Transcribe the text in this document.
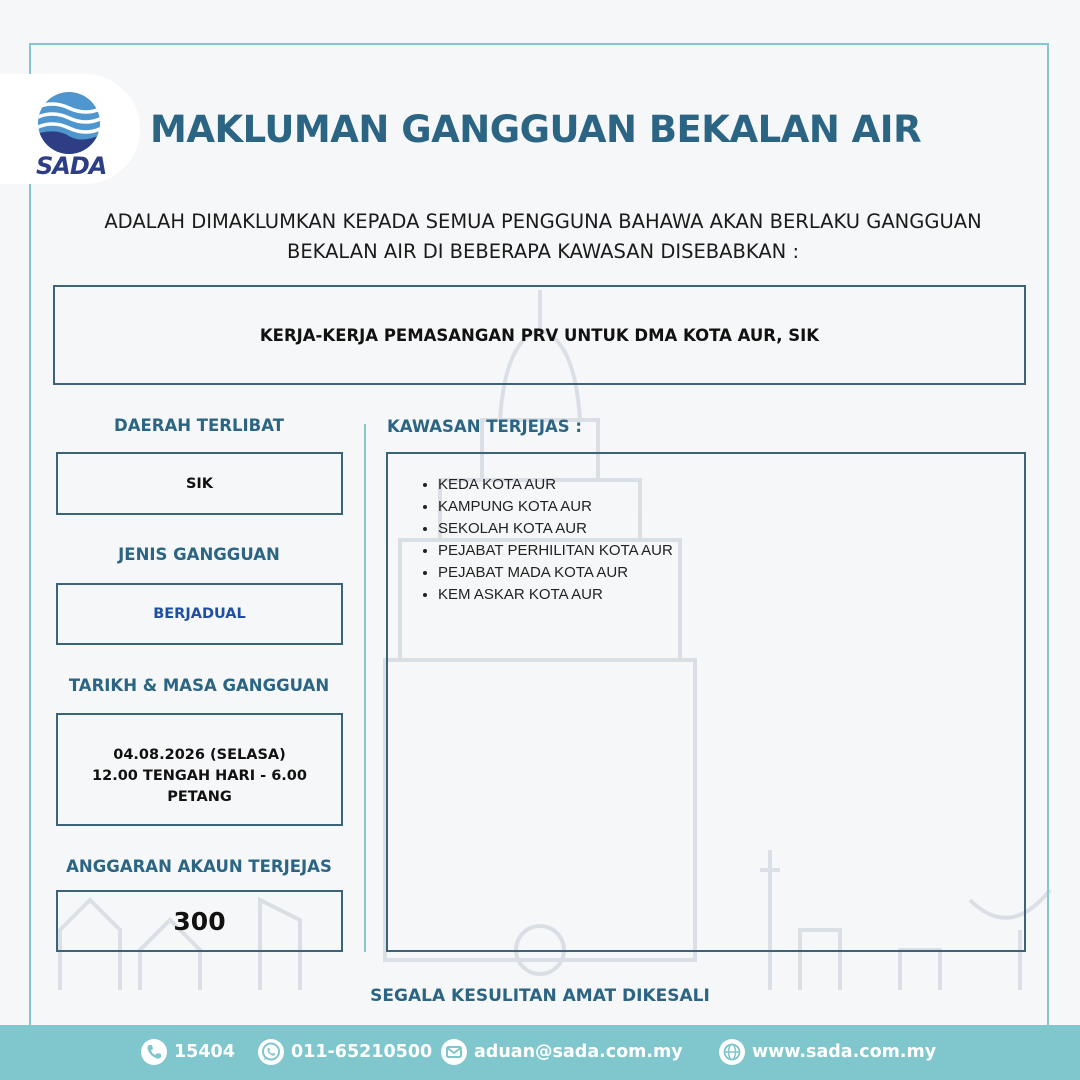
SADA
MAKLUMAN GANGGUAN BEKALAN AIR
ADALAH DIMAKLUMKAN KEPADA SEMUA PENGGUNA BAHAWA AKAN BERLAKU GANGGUAN
BEKALAN AIR DI BEBERAPA KAWASAN DISEBABKAN :
KERJA-KERJA PEMASANGAN PRV UNTUK DMA KOTA AUR, SIK
DAERAH TERLIBAT
SIK
JENIS GANGGUAN
BERJADUAL
TARIKH & MASA GANGGUAN
04.08.2026 (SELASA)
12.00 TENGAH HARI - 6.00 PETANG
ANGGARAN AKAUN TERJEJAS
300
KAWASAN TERJEJAS :
• KEDA KOTA AUR
• KAMPUNG KOTA AUR
• SEKOLAH KOTA AUR
• PEJABAT PERHILITAN KOTA AUR
• PEJABAT MADA KOTA AUR
• KEM ASKAR KOTA AUR
SEGALA KESULITAN AMAT DIKESALI
15404	011-65210500 aduan@sada.com.my	www.sada.com.my
